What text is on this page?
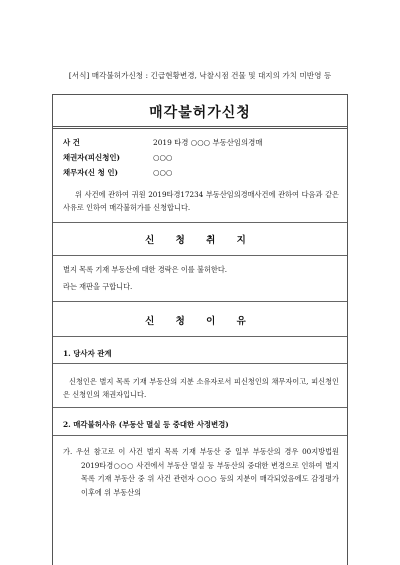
[서식] 매각불허가신청 : 긴급현황변경, 낙찰시점 건물 및 대지의 가치 미반영 등
매각불허가신청
사 건	2019 타경 ○○○ 부동산임의경매
채권자(피신청인)	○○○
채무자(신 청 인)	○○○
위 사건에 관하여 귀원 2019타경17234 부동산임의경매사건에 관하여 다음과 같은 사유로 인하여 매각불허가를 신청합니다.
신 청 취 지
별지 목록 기재 부동산에 대한 경락은 이를 불허한다.
라는 재판을 구합니다.
신 청 이 유
1. 당사자 관계
신청인은 별지 목록 기재 부동산의 지분 소유자로서 피신청인의 채무자이고, 피신청인은 신청인의 채권자입니다.
2. 매각불허사유 (부동산 멸실 등 중대한 사정변경)
가. 우선 참고로 이 사건 별지 목록 기재 부동산 중 일부 부동산의 경우 00지방법원 2019타경○○○ 사건에서 부동산 멸실 등 부동산의 중대한 변경으로 인하여 별지 목록 기재 부동산 중 위 사건 관련자 ○○○ 등의 지분이 매각되었음에도 감정평가 이후에 위 부동산의
